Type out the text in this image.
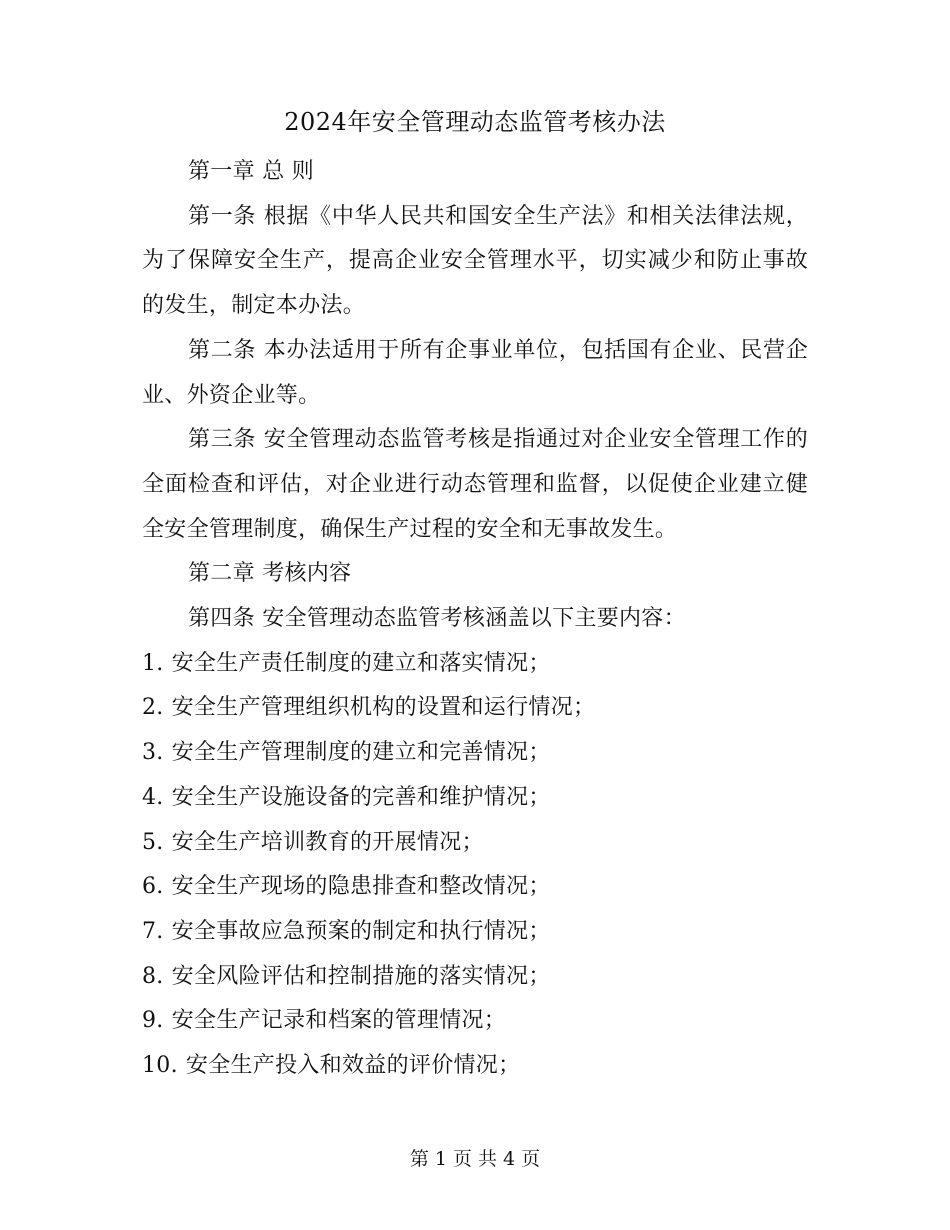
2024年安全管理动态监管考核办法

第一章 总 则

第一条 根据《中华人民共和国安全生产法》和相关法律法规，为了保障安全生产，提高企业安全管理水平，切实减少和防止事故的发生，制定本办法。

第二条 本办法适用于所有企事业单位，包括国有企业、民营企业、外资企业等。

第三条 安全管理动态监管考核是指通过对企业安全管理工作的全面检查和评估，对企业进行动态管理和监督，以促使企业建立健全安全管理制度，确保生产过程的安全和无事故发生。

第二章 考核内容

第四条 安全管理动态监管考核涵盖以下主要内容：

1. 安全生产责任制度的建立和落实情况；

2. 安全生产管理组织机构的设置和运行情况；

3. 安全生产管理制度的建立和完善情况；

4. 安全生产设施设备的完善和维护情况；

5. 安全生产培训教育的开展情况；

6. 安全生产现场的隐患排查和整改情况；

7. 安全事故应急预案的制定和执行情况；

8. 安全风险评估和控制措施的落实情况；

9. 安全生产记录和档案的管理情况；

10. 安全生产投入和效益的评价情况；

第 1 页 共 4 页
